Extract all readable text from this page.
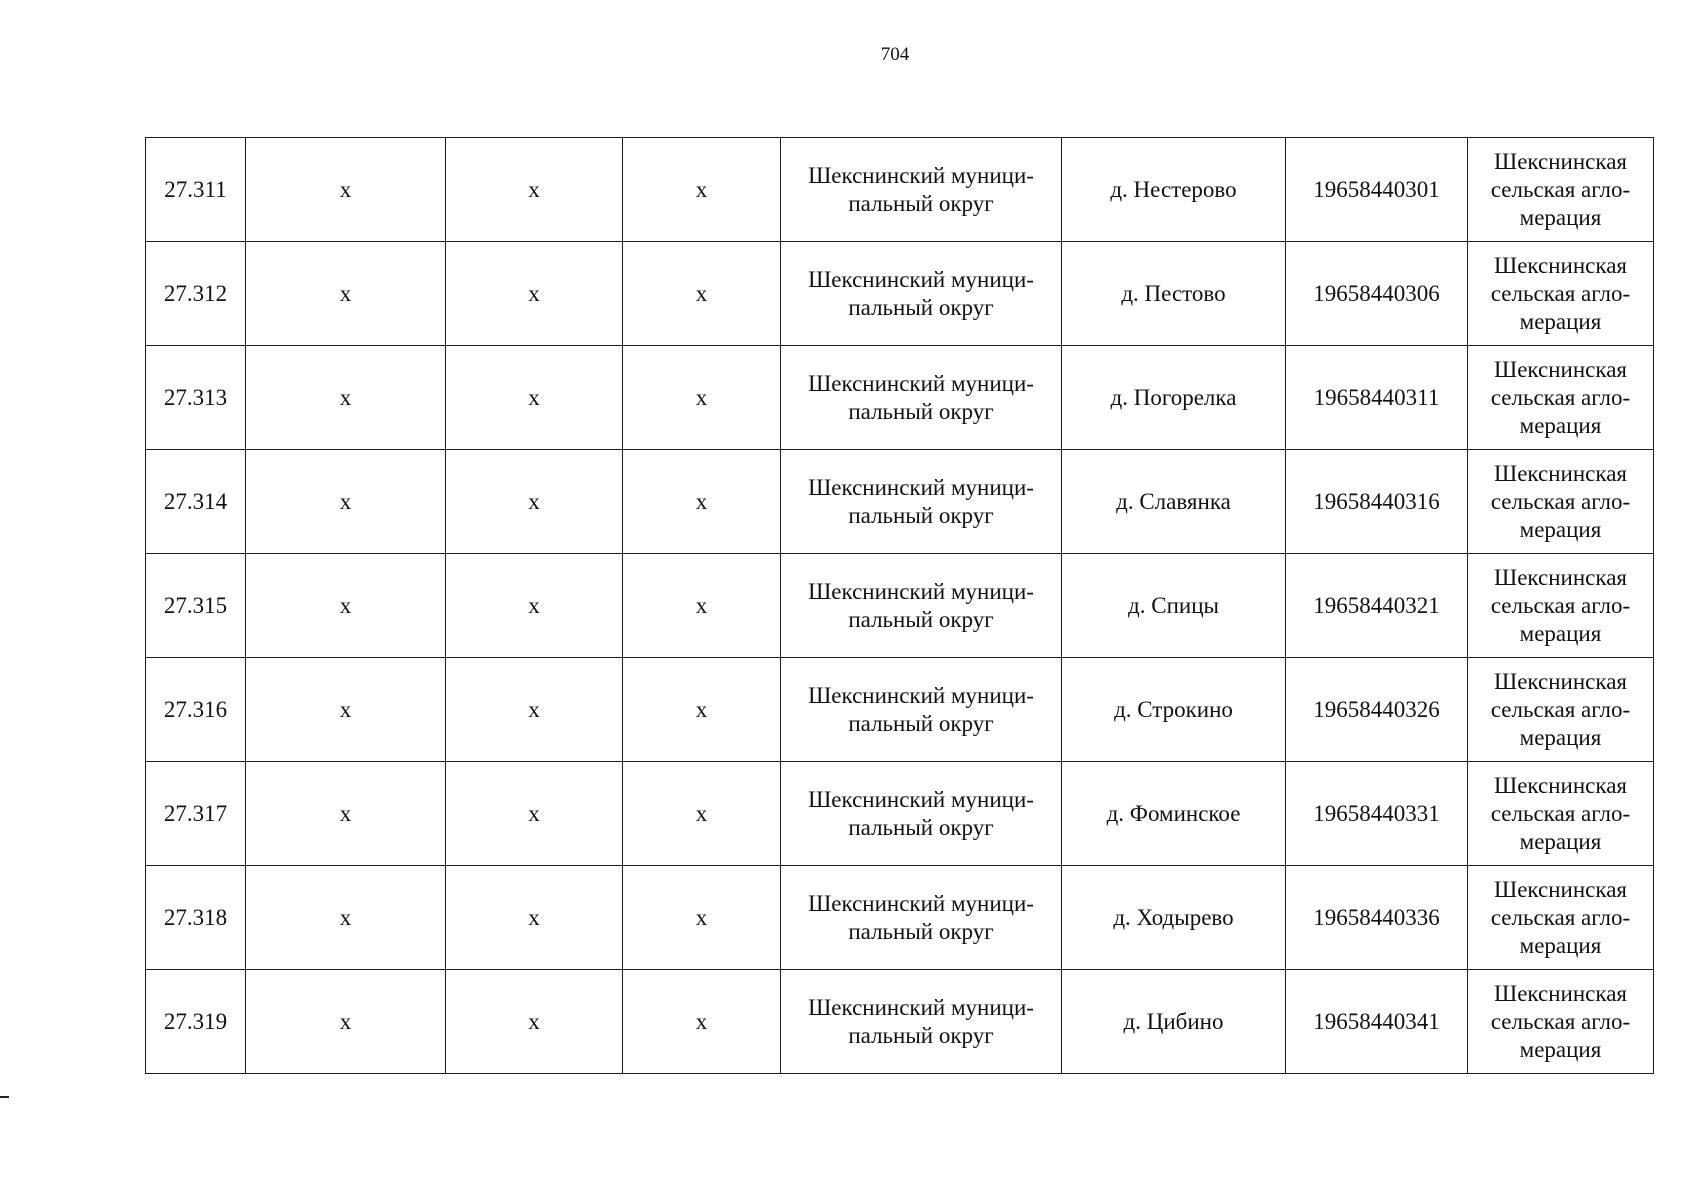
704
27.311	x	x	x	Шекснинский муници-
пальный округ	д. Нестерово	19658440301	Шекснинская
сельская агло-
мерация

27.312	x	x	x	Шекснинский муници-
пальный округ	д. Пестово	19658440306	Шекснинская
сельская агло-
мерация

27.313	x	x	x	Шекснинский муници-
пальный округ	д. Погорелка	19658440311	Шекснинская
сельская агло-
мерация

27.314	x	x	x	Шекснинский муници-
пальный округ	д. Славянка	19658440316	Шекснинская
сельская агло-
мерация

27.315	x	x	x	Шекснинский муници-
пальный округ	д. Спицы	19658440321	Шекснинская
сельская агло-
мерация

27.316	x	x	x	Шекснинский муници-
пальный округ	д. Строкино	19658440326	Шекснинская
сельская агло-
мерация

27.317	x	x	x	Шекснинский муници-
пальный округ	д. Фоминское	19658440331	Шекснинская
сельская агло-
мерация

27.318	x	x	x	Шекснинский муници-
пальный округ	д. Ходырево	19658440336	Шекснинская
сельская агло-
мерация

27.319	x	x	x	Шекснинский муници-
пальный округ	д. Цибино	19658440341	Шекснинская
сельская агло-
мерация
